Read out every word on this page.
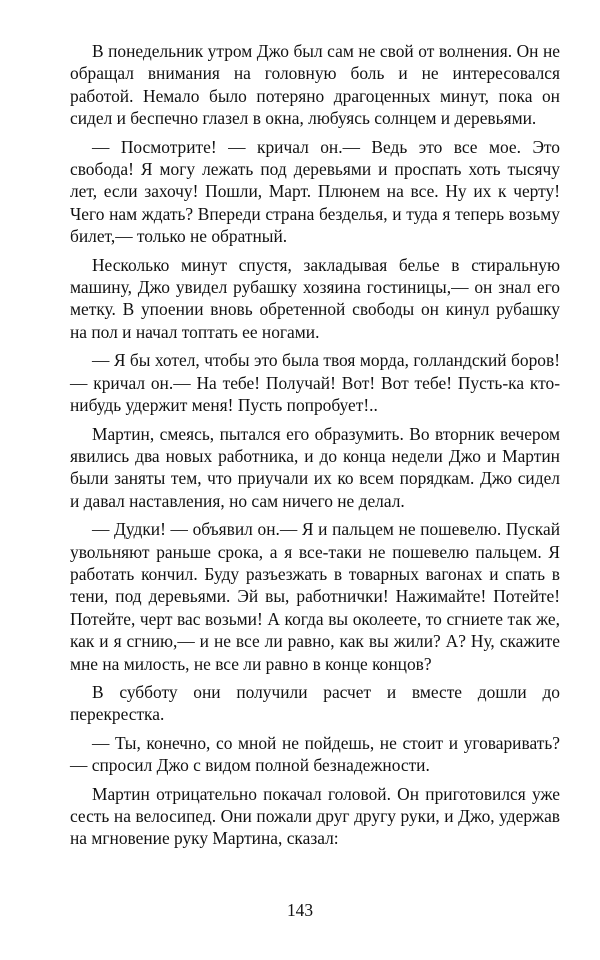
В понедельник утром Джо был сам не свой от волнения. Он не обращал внимания на головную боль и не интересовался работой. Немало было потеряно драгоценных минут, пока он сидел и беспечно глазел в окна, любуясь солнцем и деревьями.

— Посмотрите! — кричал он.— Ведь это все мое. Это свобода! Я могу лежать под деревьями и проспать хоть тысячу лет, если захочу! Пошли, Март. Плюнем на все. Ну их к черту! Чего нам ждать? Впереди страна безделья, и туда я теперь возьму билет,— только не обратный.

Несколько минут спустя, закладывая белье в стиральную машину, Джо увидел рубашку хозяина гостиницы,— он знал его метку. В упоении вновь обретенной свободы он кинул рубашку на пол и начал топтать ее ногами.

— Я бы хотел, чтобы это была твоя морда, голландский боров! — кричал он.— На тебе! Получай! Вот! Вот тебе! Пусть-ка кто-нибудь удержит меня! Пусть попробует!..

Мартин, смеясь, пытался его образумить. Во вторник вечером явились два новых работника, и до конца недели Джо и Мартин были заняты тем, что приучали их ко всем порядкам. Джо сидел и давал наставления, но сам ничего не делал.

— Дудки! — объявил он.— Я и пальцем не пошевелю. Пускай увольняют раньше срока, а я все-таки не пошевелю пальцем. Я работать кончил. Буду разъезжать в товарных вагонах и спать в тени, под деревьями. Эй вы, работнички! Нажимайте! Потейте! Потейте, черт вас возьми! А когда вы околеете, то сгниете так же, как и я сгнию,— и не все ли равно, как вы жили? А? Ну, скажите мне на милость, не все ли равно в конце концов?

В субботу они получили расчет и вместе дошли до перекрестка.

— Ты, конечно, со мной не пойдешь, не стоит и уговаривать? — спросил Джо с видом полной безнадежности.

Мартин отрицательно покачал головой. Он приготовился уже сесть на велосипед. Они пожали друг другу руки, и Джо, удержав на мгновение руку Мартина, сказал:

143
